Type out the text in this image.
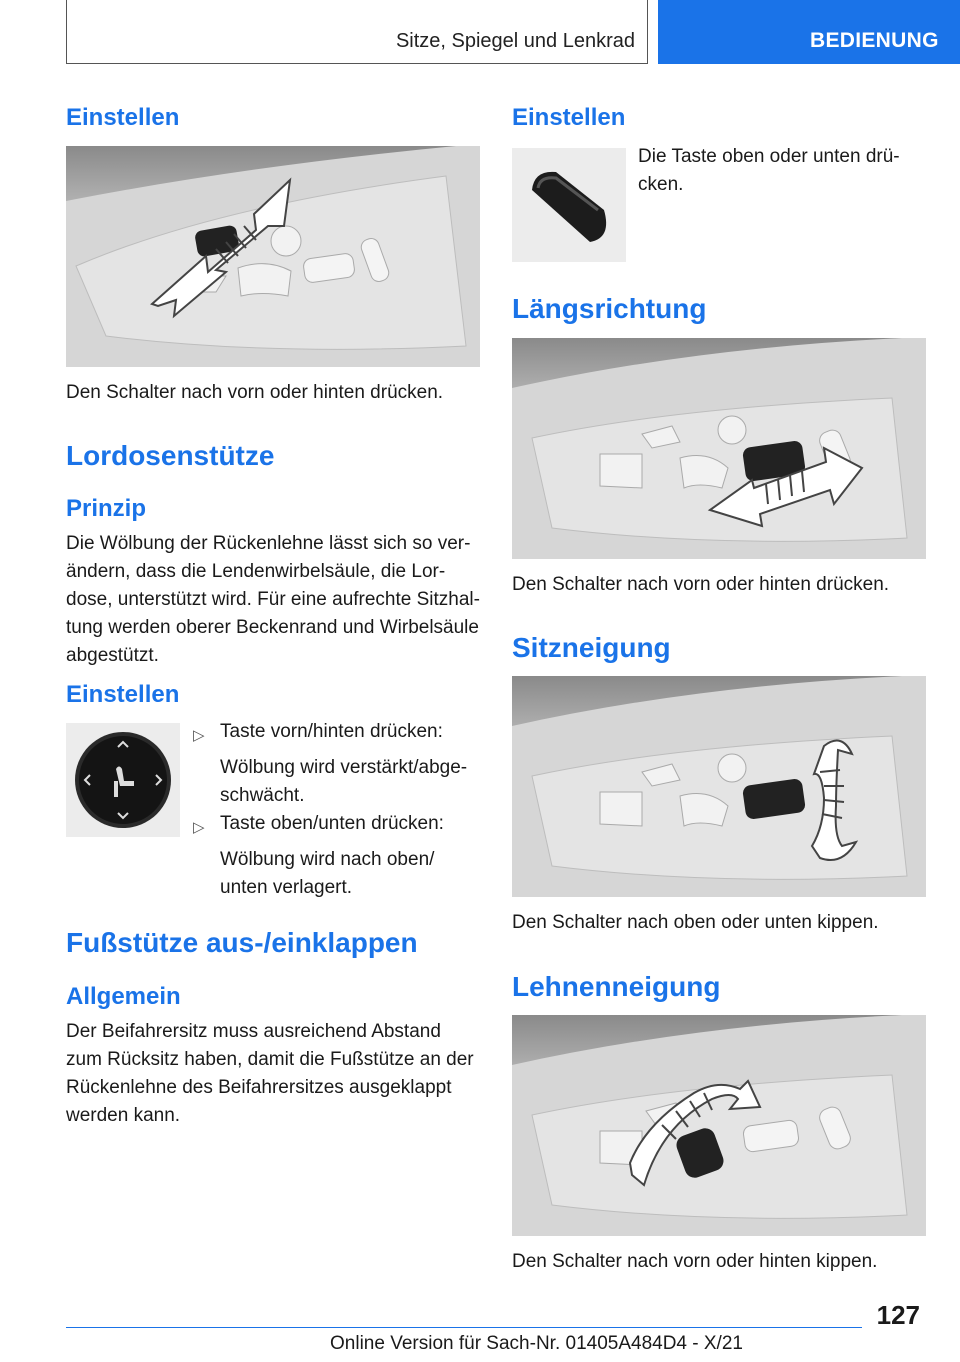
Sitze, Spiegel und Lenkrad	BEDIENUNG
Einstellen
Den Schalter nach vorn oder hinten drücken.
Lordosenstütze
Prinzip
Die Wölbung der Rückenlehne lässt sich so ver-
ändern, dass die Lendenwirbelsäule, die Lor-
dose, unterstützt wird. Für eine aufrechte Sitzhal-
tung werden oberer Beckenrand und Wirbelsäule
abgestützt.
Einstellen
▷ Taste vorn/hinten drücken:
Wölbung wird verstärkt/abge-
schwächt.
▷ Taste oben/unten drücken:
Wölbung wird nach oben/
unten verlagert.
Fußstütze aus-/einklappen
Allgemein
Der Beifahrersitz muss ausreichend Abstand
zum Rücksitz haben, damit die Fußstütze an der
Rückenlehne des Beifahrersitzes ausgeklappt
werden kann.
Einstellen
Die Taste oben oder unten drü-
cken.
Längsrichtung
Den Schalter nach vorn oder hinten drücken.
Sitzneigung
Den Schalter nach oben oder unten kippen.
Lehnenneigung
Den Schalter nach vorn oder hinten kippen.
127
Online Version für Sach-Nr. 01405A484D4 - X/21
